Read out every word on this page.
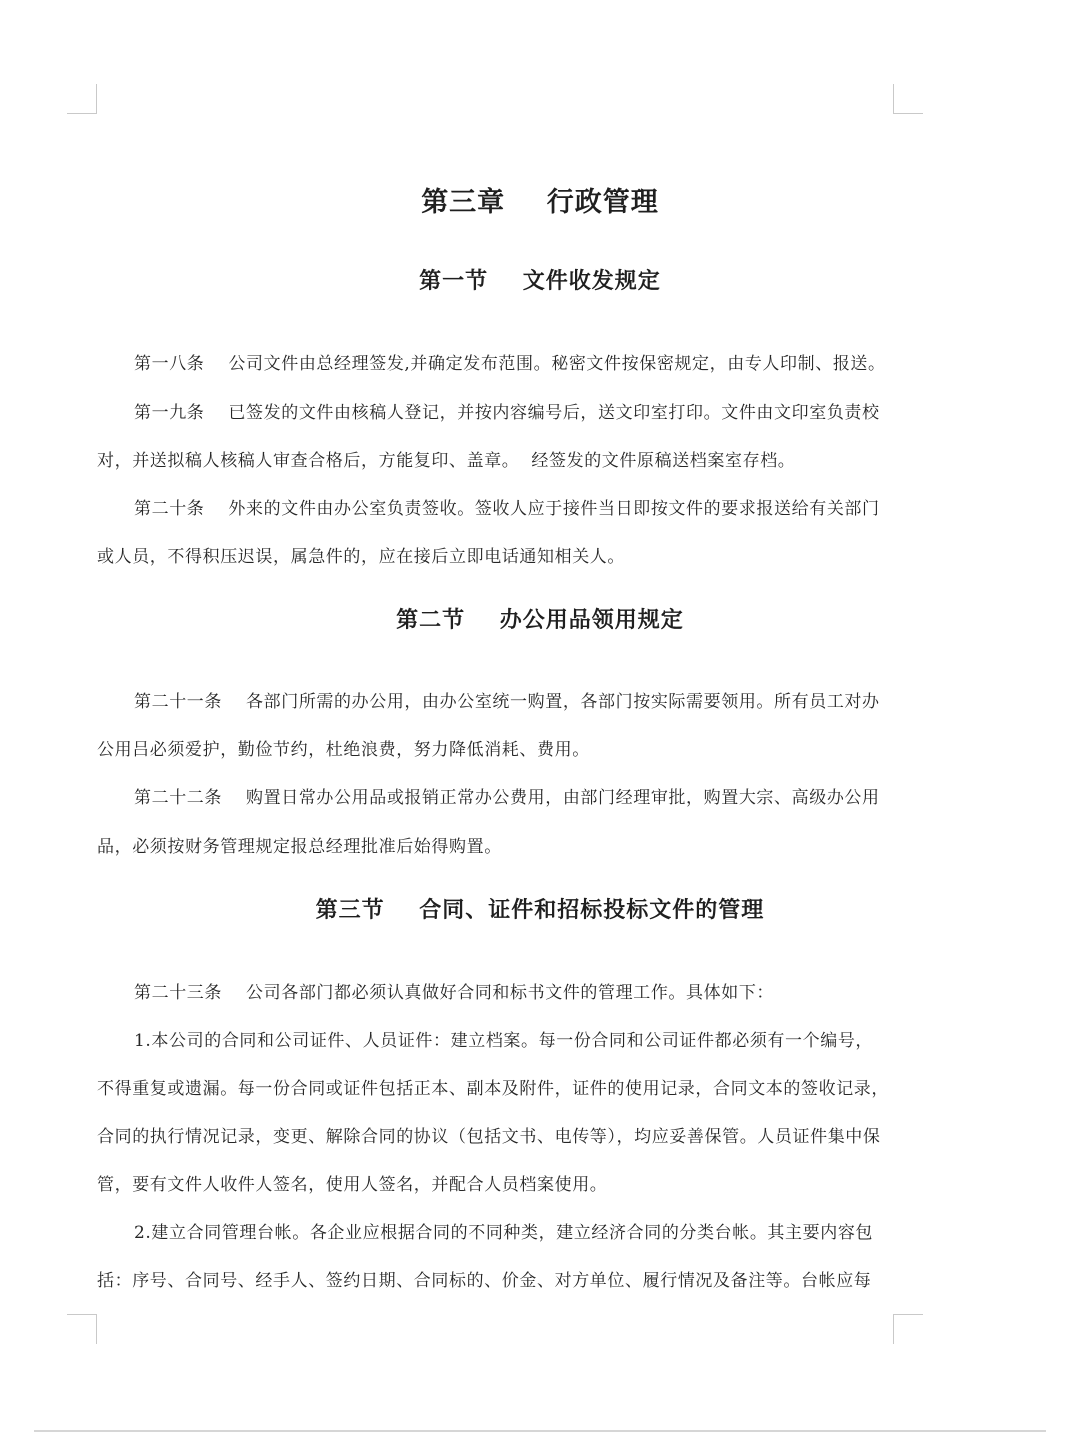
第三章    行政管理
第一节    文件收发规定
第一八条    公司文件由总经理签发,并确定发布范围。秘密文件按保密规定，由专人印制、报送。
第一九条    已签发的文件由核稿人登记，并按内容编号后，送文印室打印。文件由文印室负责校
对，并送拟稿人核稿人审查合格后，方能复印、盖章。  经签发的文件原稿送档案室存档。
第二十条    外来的文件由办公室负责签收。签收人应于接件当日即按文件的要求报送给有关部门
或人员，不得积压迟误，属急件的，应在接后立即电话通知相关人。
第二节    办公用品领用规定
第二十一条    各部门所需的办公用，由办公室统一购置，各部门按实际需要领用。所有员工对办
公用吕必须爱护，勤俭节约，杜绝浪费，努力降低消耗、费用。
第二十二条    购置日常办公用品或报销正常办公费用，由部门经理审批，购置大宗、高级办公用
品，必须按财务管理规定报总经理批准后始得购置。
第三节    合同、证件和招标投标文件的管理
第二十三条    公司各部门都必须认真做好合同和标书文件的管理工作。具体如下：
1.本公司的合同和公司证件、人员证件：建立档案。每一份合同和公司证件都必须有一个编号，
不得重复或遗漏。每一份合同或证件包括正本、副本及附件，证件的使用记录，合同文本的签收记录，
合同的执行情况记录，变更、解除合同的协议（包括文书、电传等），均应妥善保管。人员证件集中保
管，要有文件人收件人签名，使用人签名，并配合人员档案使用。
2.建立合同管理台帐。各企业应根据合同的不同种类，建立经济合同的分类台帐。其主要内容包
括：序号、合同号、经手人、签约日期、合同标的、价金、对方单位、履行情况及备注等。台帐应每
